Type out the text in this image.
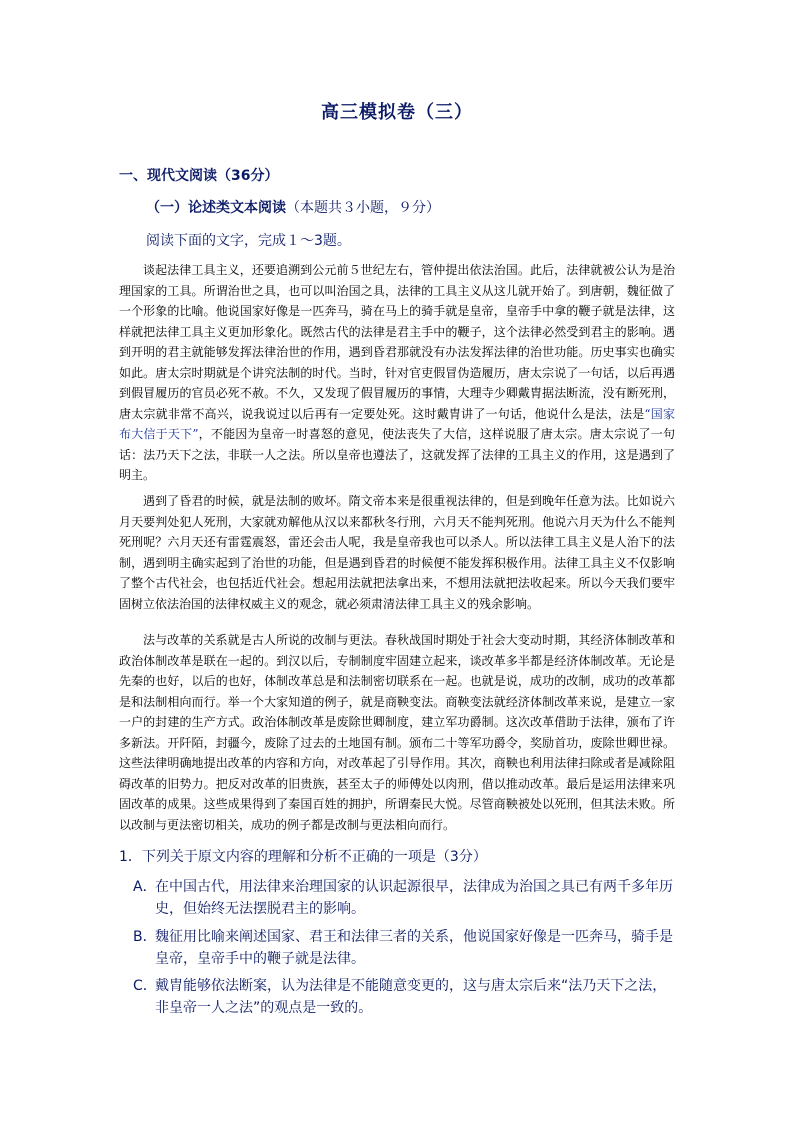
高三模拟卷（三）
一、现代文阅读（36分）
（一）论述类文本阅读（本题共３小题，９分）
阅读下面的文字，完成１～3题。

谈起法律工具主义，还要追溯到公元前５世纪左右，管仲提出依法治国。此后，法律就被公认为是治理国家的工具。所谓治世之具，也可以叫治国之具，法律的工具主义从这儿就开始了。到唐朝，魏征做了一个形象的比喻。他说国家好像是一匹奔马，骑在马上的骑手就是皇帝，皇帝手中拿的鞭子就是法律，这样就把法律工具主义更加形象化。既然古代的法律是君主手中的鞭子，这个法律必然受到君主的影响。遇到开明的君主就能够发挥法律治世的作用，遇到昏君那就没有办法发挥法律的治世功能。历史事实也确实如此。唐太宗时期就是个讲究法制的时代。当时，针对官吏假冒伪造履历，唐太宗说了一句话，以后再遇到假冒履历的官员必死不赦。不久，又发现了假冒履历的事情，大理寺少卿戴胄据法断流，没有断死刑，唐太宗就非常不高兴，说我说过以后再有一定要处死。这时戴胄讲了一句话，他说什么是法，法是“国家布大信于天下”，不能因为皇帝一时喜怒的意见，使法丧失了大信，这样说服了唐太宗。唐太宗说了一句话：法乃天下之法，非联一人之法。所以皇帝也遵法了，这就发挥了法律的工具主义的作用，这是遇到了明主。

遇到了昏君的时候，就是法制的败坏。隋文帝本来是很重视法律的，但是到晚年任意为法。比如说六月天要判处犯人死刑，大家就劝解他从汉以来都秋冬行刑，六月天不能判死刑。他说六月天为什么不能判死刑呢？六月天还有雷霆震怒，雷还会击人呢，我是皇帝我也可以杀人。所以法律工具主义是人治下的法制，遇到明主确实起到了治世的功能，但是遇到昏君的时候便不能发挥积极作用。法律工具主义不仅影响了整个古代社会，也包括近代社会。想起用法就把法拿出来，不想用法就把法收起来。所以今天我们要牢固树立依法治国的法律权威主义的观念，就必须肃清法律工具主义的残余影响。

法与改革的关系就是古人所说的改制与更法。春秋战国时期处于社会大变动时期，其经济体制改革和政治体制改革是联在一起的。到汉以后，专制制度牢固建立起来，谈改革多半都是经济体制改革。无论是先秦的也好，以后的也好，体制改革总是和法制密切联系在一起。也就是说，成功的改制，成功的改革都是和法制相向而行。举一个大家知道的例子，就是商鞅变法。商鞅变法就经济体制改革来说，是建立一家一户的封建的生产方式。政治体制改革是废除世卿制度，建立军功爵制。这次改革借助于法律，颁布了许多新法。开阡陌，封疆今，废除了过去的土地国有制。颁布二十等军功爵令，奖励首功，废除世卿世禄。这些法律明确地提出改革的内容和方向，对改革起了引导作用。其次，商鞅也利用法律扫除或者是减除阻碍改革的旧势力。把反对改革的旧贵族，甚至太子的师傅处以肉刑，借以推动改革。最后是运用法律来巩固改革的成果。这些成果得到了秦国百姓的拥护，所谓秦民大悦。尽管商鞅被处以死刑，但其法未败。所以改制与更法密切相关，成功的例子都是改制与更法相向而行。

1．下列关于原文内容的理解和分析不正确的一项是（3分）
A．
在中国古代，用法律来治理国家的认识起源很早，法律成为治国之具已有两千多年历史，但始终无法摆脱君主的影响。
B．
魏征用比喻来阐述国家、君王和法律三者的关系，他说国家好像是一匹奔马，骑手是皇帝，皇帝手中的鞭子就是法律。
C．
戴胄能够依法断案，认为法律是不能随意变更的，这与唐太宗后来“法乃天下之法，非皇帝一人之法”的观点是一致的。
